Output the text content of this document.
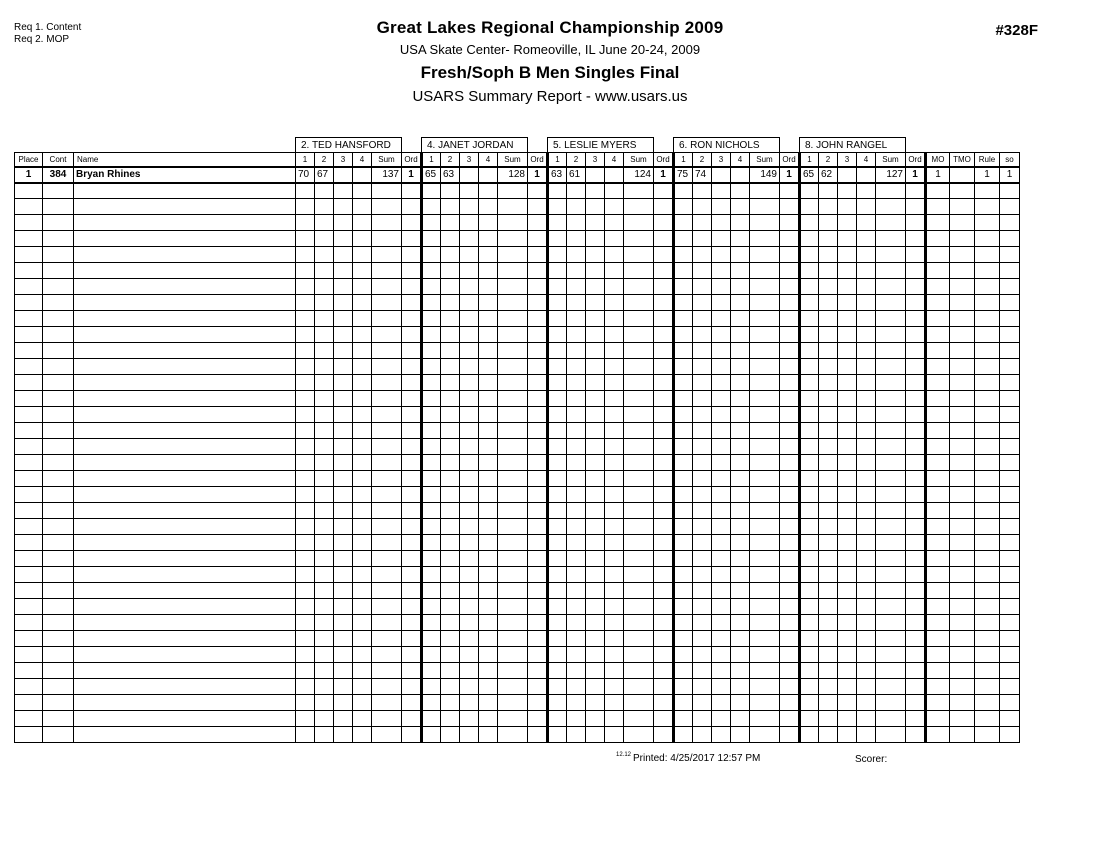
Req 1. Content
Req 2. MOP
#328F
Great Lakes Regional Championship 2009
USA Skate Center- Romeoville, IL June 20-24, 2009
Fresh/Soph B Men Singles Final
USARS Summary Report - www.usars.us
			2. TED HANSFORD						4. JANET JORDAN						5. LESLIE MYERS						6. RON NICHOLS						8. JOHN RANGEL									
Place	Cont	Name	1	2	3	4	Sum	Ord	1	2	3	4	Sum	Ord	1	2	3	4	Sum	Ord	1	2	3	4	Sum	Ord	1	2	3	4	Sum	Ord	MO	TMO	Rule	so
1	384	Bryan Rhines	70	67			137	1	65	63			128	1	63	61			124	1	75	74			149	1	65	62			127	1	1		1	1

$^{12.12}$ Printed: 4/25/2017 12:57 PM	Scorer:
